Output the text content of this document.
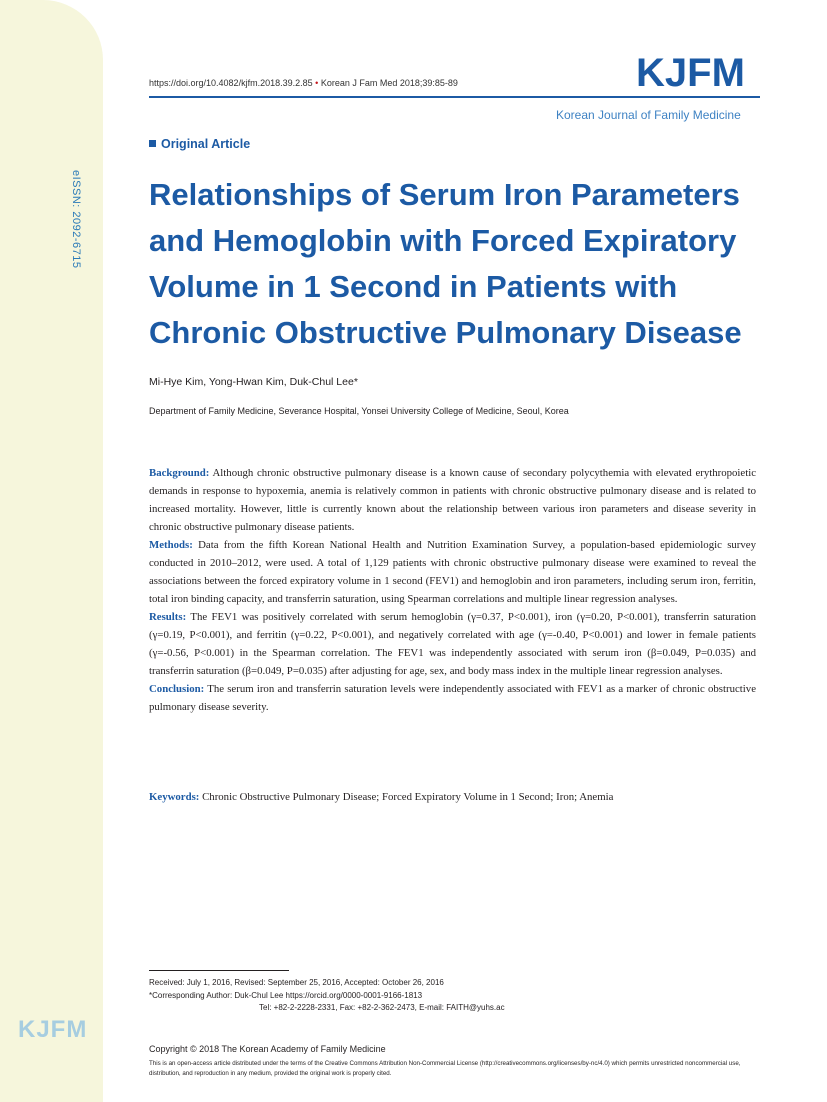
eISSN: 2092-6715
KJFM
https://doi.org/10.4082/kjfm.2018.39.2.85 • Korean J Fam Med 2018;39:85-89	KJFM
Korean Journal of Family Medicine
Original Article
Relationships of Serum Iron Parameters and Hemoglobin with Forced Expiratory Volume in 1 Second in Patients with Chronic Obstructive Pulmonary Disease
Mi-Hye Kim, Yong-Hwan Kim, Duk-Chul Lee*
Department of Family Medicine, Severance Hospital, Yonsei University College of Medicine, Seoul, Korea

Background: Although chronic obstructive pulmonary disease is a known cause of secondary polycythemia with elevated erythropoietic demands in response to hypoxemia, anemia is relatively common in patients with chronic obstructive pulmonary disease and is related to increased mortality. However, little is currently known about the relationship between various iron parameters and disease severity in chronic obstructive pulmonary disease patients.

Methods: Data from the fifth Korean National Health and Nutrition Examination Survey, a population-based epidemiologic survey conducted in 2010–2012, were used. A total of 1,129 patients with chronic obstructive pulmonary disease were examined to reveal the associations between the forced expiratory volume in 1 second (FEV1) and hemoglobin and iron parameters, including serum iron, ferritin, total iron binding capacity, and transferrin saturation, using Spearman correlations and multiple linear regression analyses.

Results: The FEV1 was positively correlated with serum hemoglobin (γ=0.37, P<0.001), iron (γ=0.20, P<0.001), transferrin saturation (γ=0.19, P<0.001), and ferritin (γ=0.22, P<0.001), and negatively correlated with age (γ=-0.40, P<0.001) and lower in female patients (γ=-0.56, P<0.001) in the Spearman correlation. The FEV1 was independently associated with serum iron (β=0.049, P=0.035) and transferrin saturation (β=0.049, P=0.035) after adjusting for age, sex, and body mass index in the multiple linear regression analyses.

Conclusion: The serum iron and transferrin saturation levels were independently associated with FEV1 as a marker of chronic obstructive pulmonary disease severity.

Keywords: Chronic Obstructive Pulmonary Disease; Forced Expiratory Volume in 1 Second; Iron; Anemia
Received: July 1, 2016, Revised: September 25, 2016, Accepted: October 26, 2016
*Corresponding Author: Duk-Chul Lee https://orcid.org/0000-0001-9166-1813
Tel: +82-2-2228-2331, Fax: +82-2-362-2473, E-mail: FAITH@yuhs.ac
Copyright © 2018 The Korean Academy of Family Medicine
This is an open-access article distributed under the terms of the Creative Commons Attribution Non-Commercial License (http://creativecommons.org/licenses/by-nc/4.0) which permits unrestricted noncommercial use, distribution, and reproduction in any medium, provided the original work is properly cited.
